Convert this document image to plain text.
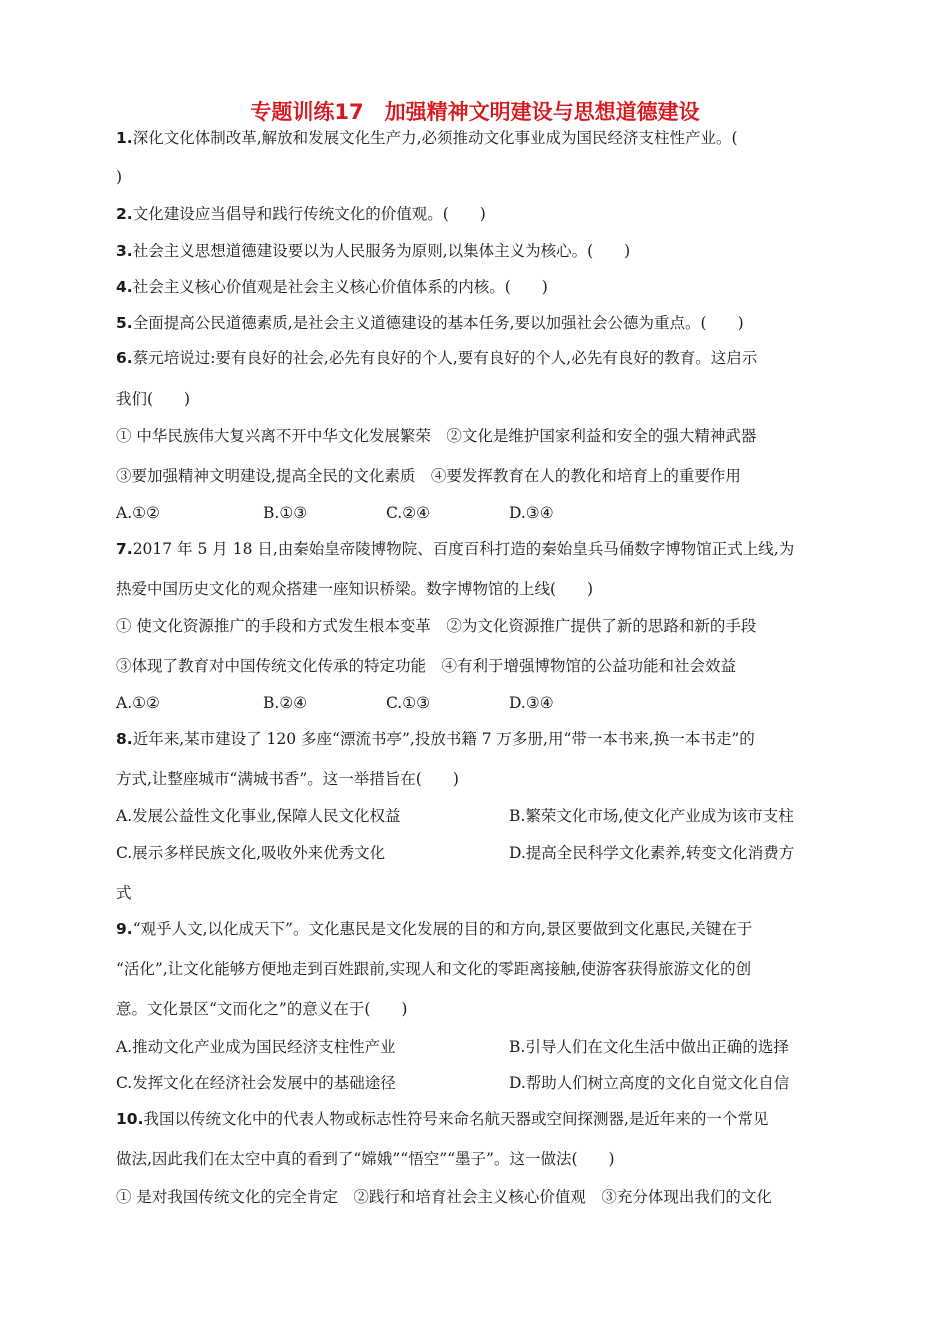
专题训练17　加强精神文明建设与思想道德建设
1.深化文化体制改革,解放和发展文化生产力,必须推动文化事业成为国民经济支柱性产业。(
)
2.文化建设应当倡导和践行传统文化的价值观。(　　)
3.社会主义思想道德建设要以为人民服务为原则,以集体主义为核心。(　　)
4.社会主义核心价值观是社会主义核心价值体系的内核。(　　)
5.全面提高公民道德素质,是社会主义道德建设的基本任务,要以加强社会公德为重点。(　　)
6.蔡元培说过:要有良好的社会,必先有良好的个人,要有良好的个人,必先有良好的教育。这启示
我们(　　)
① 中华民族伟大复兴离不开中华文化发展繁荣　②文化是维护国家利益和安全的强大精神武器
③要加强精神文明建设,提高全民的文化素质　④要发挥教育在人的教化和培育上的重要作用
A.①②	B.①③	C.②④	D.③④
7.2017 年 5 月 18 日,由秦始皇帝陵博物院、百度百科打造的秦始皇兵马俑数字博物馆正式上线,为
热爱中国历史文化的观众搭建一座知识桥梁。数字博物馆的上线(　　)
① 使文化资源推广的手段和方式发生根本变革　②为文化资源推广提供了新的思路和新的手段
③体现了教育对中国传统文化传承的特定功能　④有利于增强博物馆的公益功能和社会效益
A.①②	B.②④	C.①③	D.③④
8.近年来,某市建设了 120 多座“漂流书亭”,投放书籍 7 万多册,用“带一本书来,换一本书走”的
方式,让整座城市“满城书香”。这一举措旨在(　　)
A.发展公益性文化事业,保障人民文化权益	B.繁荣文化市场,使文化产业成为该市支柱
C.展示多样民族文化,吸收外来优秀文化	D.提高全民科学文化素养,转变文化消费方
式
9.“观乎人文,以化成天下”。文化惠民是文化发展的目的和方向,景区要做到文化惠民,关键在于
“活化”,让文化能够方便地走到百姓跟前,实现人和文化的零距离接触,使游客获得旅游文化的创
意。文化景区“文而化之”的意义在于(　　)
A.推动文化产业成为国民经济支柱性产业	B.引导人们在文化生活中做出正确的选择
C.发挥文化在经济社会发展中的基础途径	D.帮助人们树立高度的文化自觉文化自信
10.我国以传统文化中的代表人物或标志性符号来命名航天器或空间探测器,是近年来的一个常见
做法,因此我们在太空中真的看到了“嫦娥”“悟空”“墨子”。这一做法(　　)
① 是对我国传统文化的完全肯定　②践行和培育社会主义核心价值观　③充分体现出我们的文化
